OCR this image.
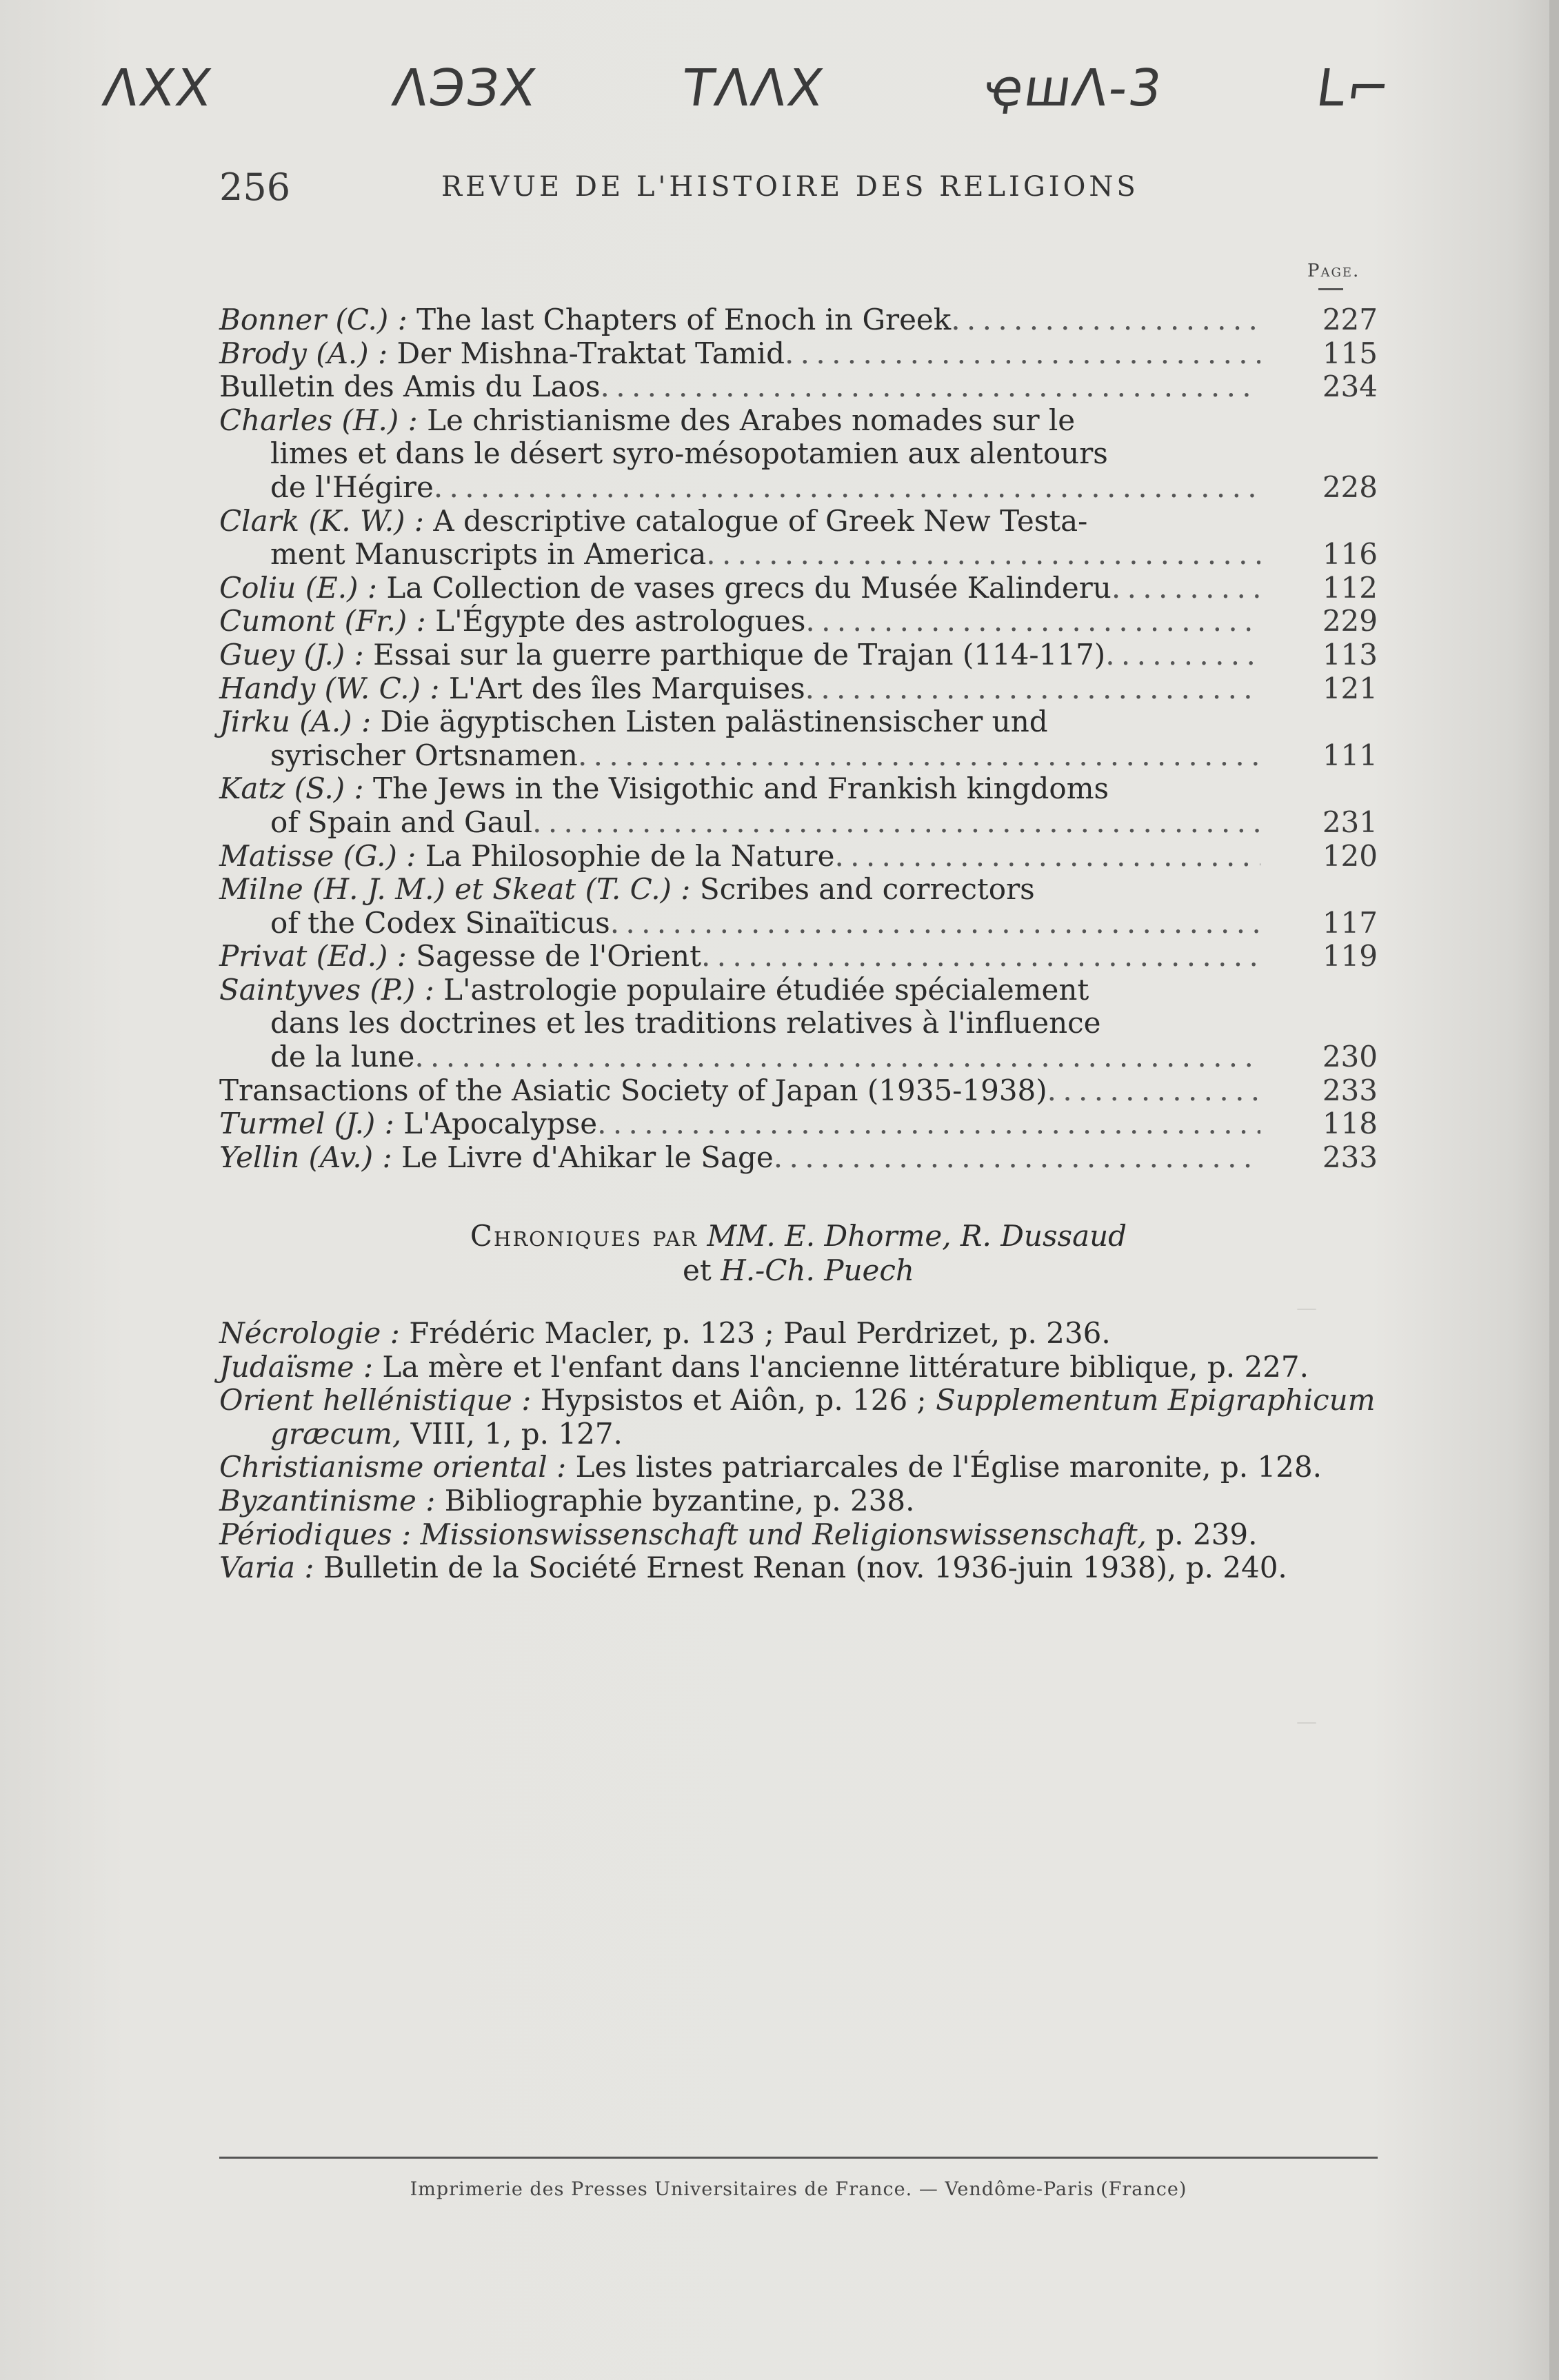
ΛΧΧ	ΛЭЗХ	ТΛΛΧ	ҿшΛ-3	ᒪ⌐
256	REVUE DE L'HISTOIRE DES RELIGIONS
Page.
—
—
Bonner (C.) :
The last Chapters of Enoch in Greek . . .	227
Brody (A.) :
Der Mishna-Traktat Tamid . . .	115
Bulletin des Amis du Laos . . .	234
Charles (H.) :
Le christianisme des Arabes nomades sur le
limes et dans le désert syro-mésopotamien aux alentours
de l'Hégire . . .	228
Clark (K. W.) :
A descriptive catalogue of Greek New Testa-
ment Manuscripts in America . . .	116
Coliu (E.) :
La Collection de vases grecs du Musée Kalinderu . . .	112
Cumont (Fr.) :
L'Égypte des astrologues . . .	229
Guey (J.) :
Essai sur la guerre parthique de Trajan (114-117) . . .	113
Handy (W. C.) :
L'Art des îles Marquises . . .	121
Jirku (A.) :
Die ägyptischen Listen palästinensischer und
syrischer Ortsnamen . . .	111
Katz (S.) :
The Jews in the Visigothic and Frankish kingdoms
of Spain and Gaul . . .	231
Matisse (G.) :
La Philosophie de la Nature . . .	120
Milne (H. J. M.) et Skeat (T. C.) :
Scribes and correctors
of the Codex Sinaïticus . . .	117
Privat (Ed.) :
Sagesse de l'Orient . . .	119
Saintyves (P.) :
L'astrologie populaire étudiée spécialement
dans les doctrines et les traditions relatives à l'influence
de la lune . . .	230
Transactions of the Asiatic Society of Japan (1935-1938) . . .	233
Turmel (J.) :
L'Apocalypse . . .	118
Yellin (Av.) :
Le Livre d'Ahikar le Sage . . .	233
Chroniques par MM. E. Dhorme, R. Dussaud
et H.-Ch. Puech
Nécrologie : Frédéric Macler, p. 123 ; Paul Perdrizet, p. 236.
Judaïsme : La mère et l'enfant dans l'ancienne littérature biblique, p. 227.
Orient hellénistique : Hypsistos et Aiôn, p. 126 ; Supplementum Epigraphicum græcum, VIII, 1, p. 127.
Christianisme oriental : Les listes patriarcales de l'Église maronite, p. 128.
Byzantinisme : Bibliographie byzantine, p. 238.
Périodiques : Missionswissenschaft und Religionswissenschaft, p. 239.
Varia : Bulletin de la Société Ernest Renan (nov. 1936-juin 1938), p. 240.
Imprimerie des Presses Universitaires de France. — Vendôme-Paris (France)
